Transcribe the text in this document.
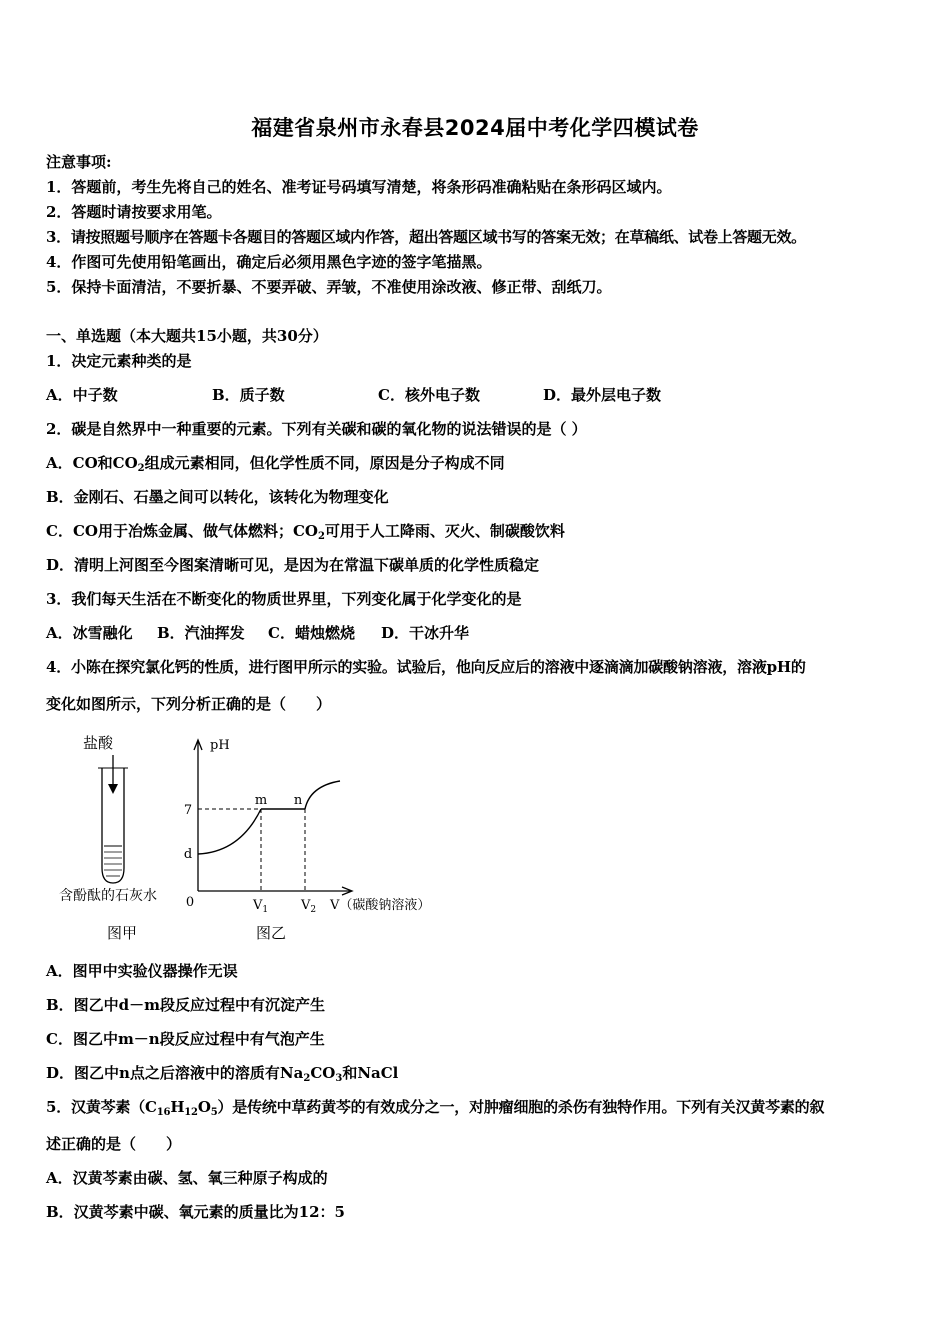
福建省泉州市永春县2024届中考化学四模试卷
注意事项:
1．答题前，考生先将自己的姓名、准考证号码填写清楚，将条形码准确粘贴在条形码区域内。
2．答题时请按要求用笔。
3．请按照题号顺序在答题卡各题目的答题区域内作答，超出答题区域书写的答案无效；在草稿纸、试卷上答题无效。
4．作图可先使用铅笔画出，确定后必须用黑色字迹的签字笔描黑。
5．保持卡面清洁，不要折暴、不要弄破、弄皱，不准使用涂改液、修正带、刮纸刀。
一、单选题（本大题共15小题，共30分）
1．决定元素种类的是
A．中子数	B．质子数	C．核外电子数	D．最外层电子数
2．碳是自然界中一种重要的元素。下列有关碳和碳的氧化物的说法错误的是（ ）
A．CO和$CO_2$组成元素相同，但化学性质不同，原因是分子构成不同
B．金刚石、石墨之间可以转化，该转化为物理变化
C．CO用于冶炼金属、做气体燃料；$CO_2$可用于人工降雨、灭火、制碳酸饮料
D．清明上河图至今图案清晰可见，是因为在常温下碳单质的化学性质稳定
3．我们每天生活在不断变化的物质世界里，下列变化属于化学变化的是
A．冰雪融化 B．汽油挥发 C．蜡烛燃烧 D．干冰升华
4．小陈在探究氯化钙的性质，进行图甲所示的实验。试验后，他向反应后的溶液中逐滴滴加碳酸钠溶液，溶液pH的
变化如图所示，下列分析正确的是（　　）
盐酸
含酚酞的石灰水
图甲
pH
7
d
0
m n
$V_1$	$V_2$ V（碳酸钠溶液）
图乙
A．图甲中实验仪器操作无误
B．图乙中d－m段反应过程中有沉淀产生
C．图乙中m－n段反应过程中有气泡产生
D．图乙中n点之后溶液中的溶质有$Na_2CO_3$和NaCl
5．汉黄芩素$(C_{16}H_{12}O_5)$是传统中草药黄芩的有效成分之一，对肿瘤细胞的杀伤有独特作用。下列有关汉黄芩素的叙
述正确的是（　　）
A．汉黄芩素由碳、氢、氧三种原子构成的
B．汉黄芩素中碳、氧元素的质量比为12：5
